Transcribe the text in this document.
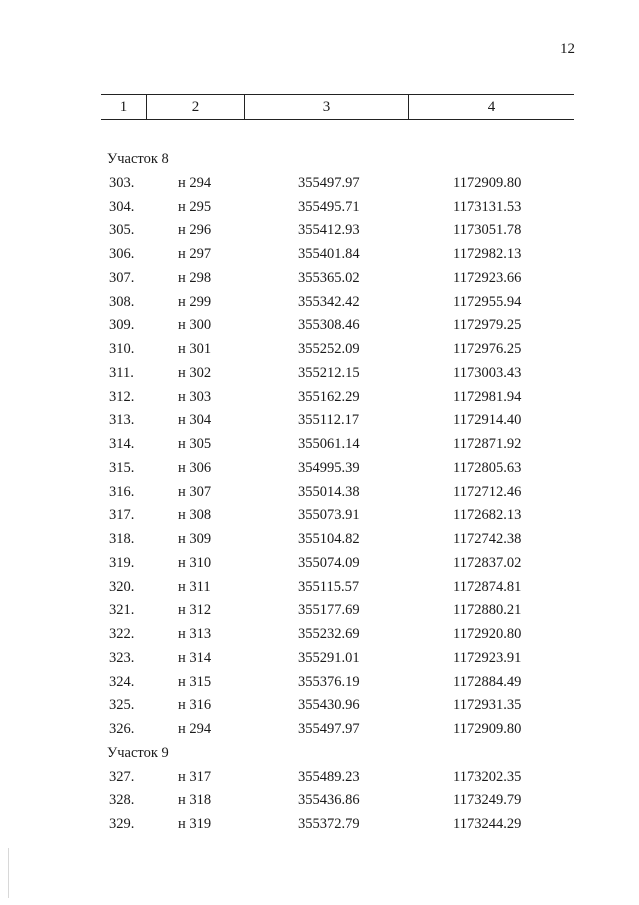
12
1	2	3	4
Участок 8
303.	н 294	355497.97	1172909.80
304.	н 295	355495.71	1173131.53
305.	н 296	355412.93	1173051.78
306.	н 297	355401.84	1172982.13
307.	н 298	355365.02	1172923.66
308.	н 299	355342.42	1172955.94
309.	н 300	355308.46	1172979.25
310.	н 301	355252.09	1172976.25
311.	н 302	355212.15	1173003.43
312.	н 303	355162.29	1172981.94
313.	н 304	355112.17	1172914.40
314.	н 305	355061.14	1172871.92
315.	н 306	354995.39	1172805.63
316.	н 307	355014.38	1172712.46
317.	н 308	355073.91	1172682.13
318.	н 309	355104.82	1172742.38
319.	н 310	355074.09	1172837.02
320.	н 311	355115.57	1172874.81
321.	н 312	355177.69	1172880.21
322.	н 313	355232.69	1172920.80
323.	н 314	355291.01	1172923.91
324.	н 315	355376.19	1172884.49
325.	н 316	355430.96	1172931.35
326.	н 294	355497.97	1172909.80
Участок 9
327.	н 317	355489.23	1173202.35
328.	н 318	355436.86	1173249.79
329.	н 319	355372.79	1173244.29
